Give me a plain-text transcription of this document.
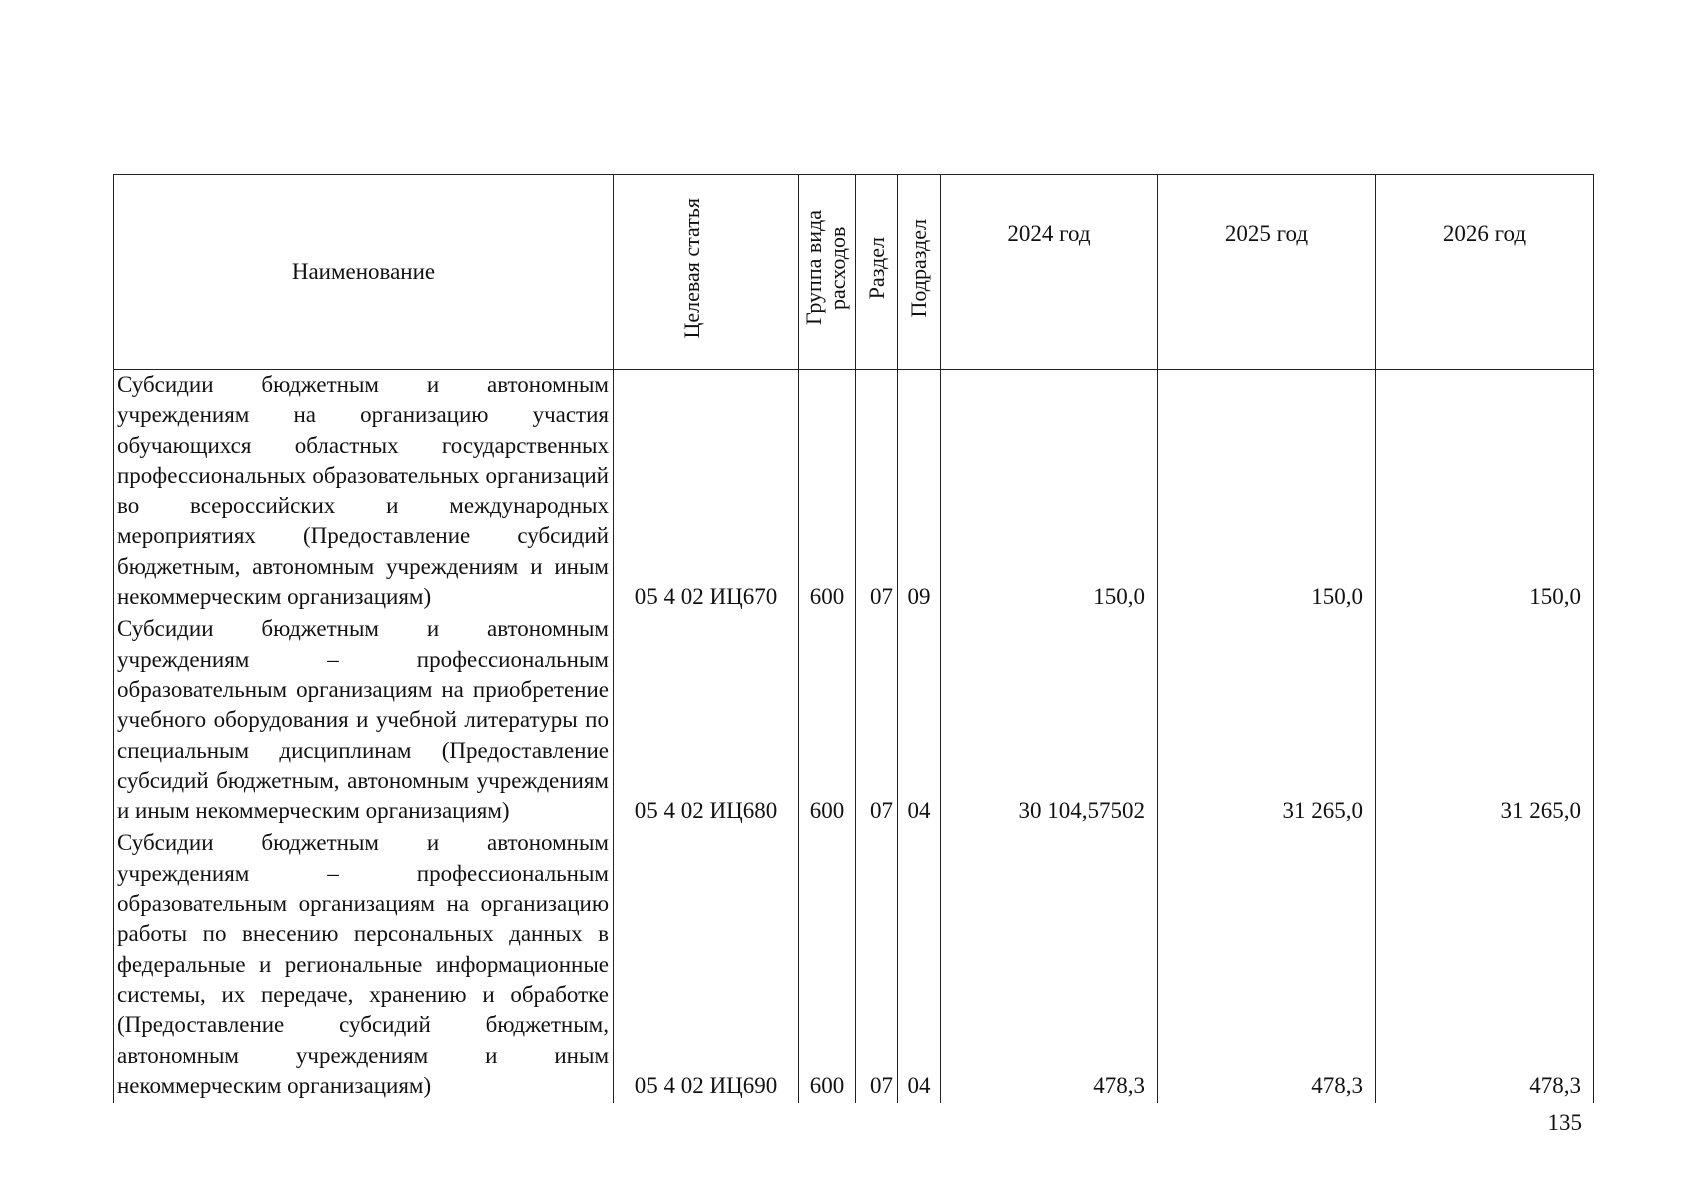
Наименование	Целевая статья	Группа вида расходов	Раздел	Подраздел	2024 год	2025 год	2026 год
Субсидии бюджетным и автономным учреждениям на организацию участия обучающихся областных государственных профессиональных образовательных организаций во всероссийских и международных мероприятиях (Предоставление субсидий бюджетным, автономным учреждениям и иным некоммерческим организациям)	05 4 02 ИЦ670	600	07	09	150,0	150,0	150,0
Субсидии бюджетным и автономным учреждениям – профессиональным образовательным организациям на приобретение учебного оборудования и учебной литературы по специальным дисциплинам (Предоставление субсидий бюджетным, автономным учреждениям и иным некоммерческим организациям)	05 4 02 ИЦ680	600	07	04	30 104,57502	31 265,0	31 265,0
Субсидии бюджетным и автономным учреждениям – профессиональным образовательным организациям на организацию работы по внесению персональных данных в федеральные и региональные информационные системы, их передаче, хранению и обработке (Предоставление субсидий бюджетным, автономным учреждениям и иным некоммерческим организациям)	05 4 02 ИЦ690	600	07	04	478,3	478,3	478,3
135
